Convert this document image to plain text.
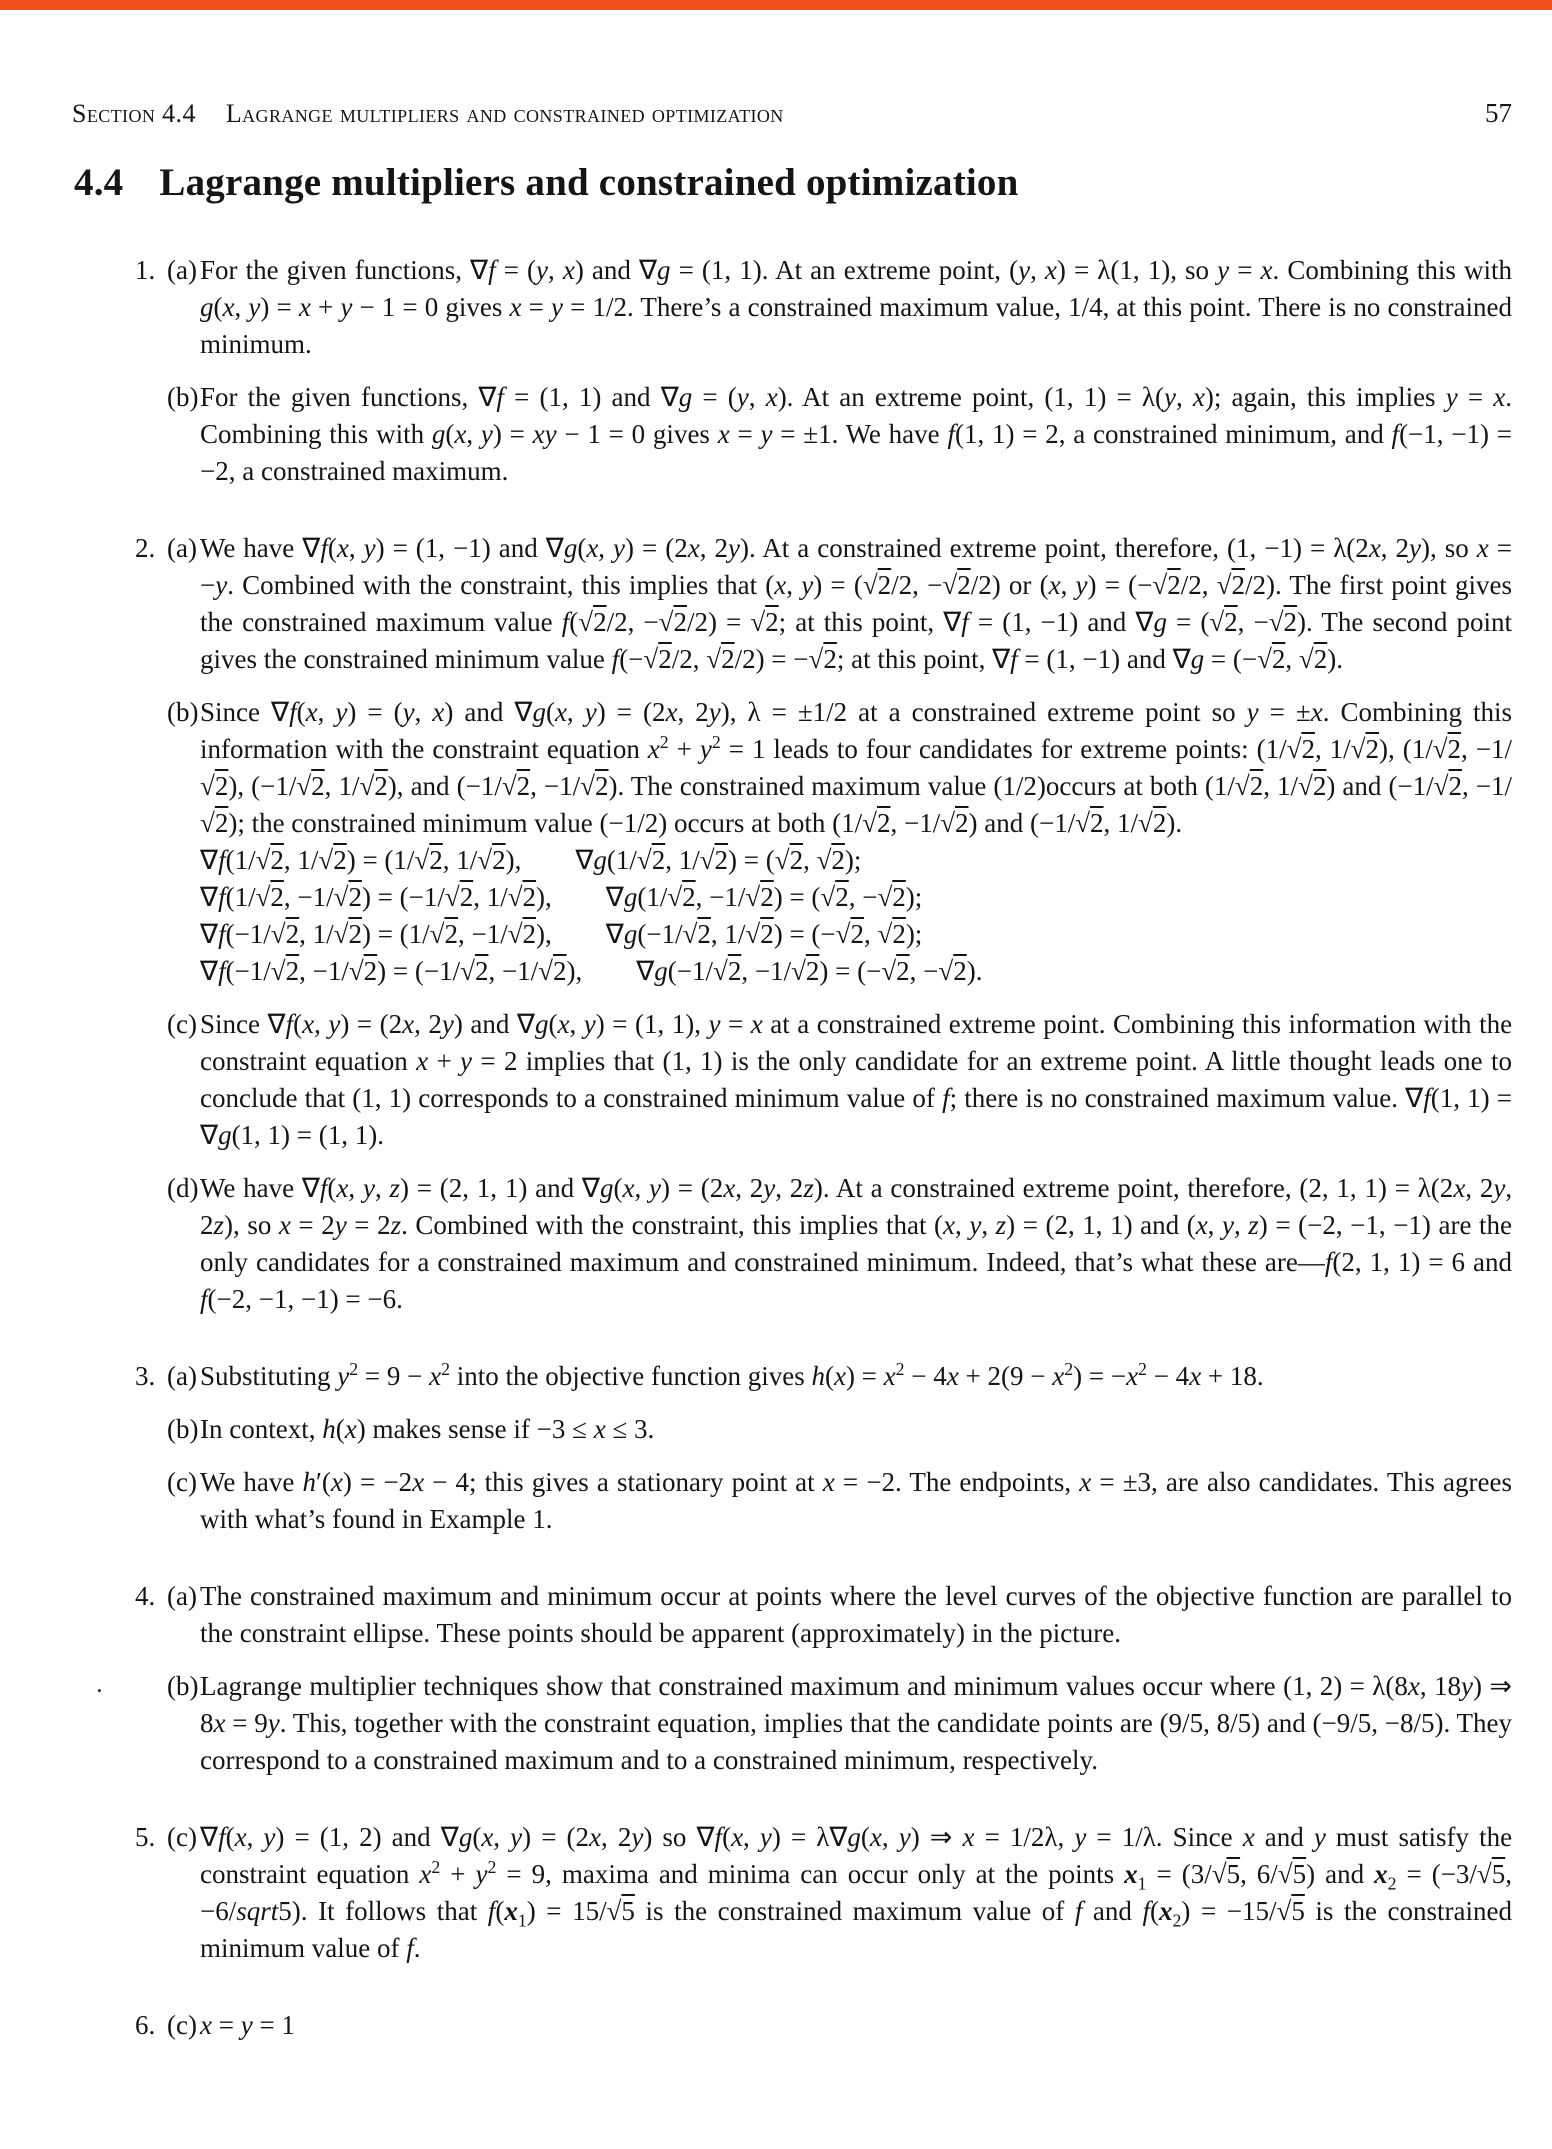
Section 4.4 Lagrange multipliers and constrained optimization	57
4.4 Lagrange multipliers and constrained optimization
1. (a) For the given functions, ∇f = (y, x) and ∇g = (1, 1). At an extreme point, (y, x) = λ(1, 1), so y = x. Combining this with g(x, y) = x + y − 1 = 0 gives x = y = 1/2. There’s a constrained maximum value, 1/4, at this point. There is no constrained minimum.
(b) For the given functions, ∇f = (1, 1) and ∇g = (y, x). At an extreme point, (1, 1) = λ(y, x); again, this implies y = x. Combining this with g(x, y) = xy − 1 = 0 gives x = y = ±1. We have f(1, 1) = 2, a constrained minimum, and f(−1, −1) = −2, a constrained maximum.
2. (a) We have ∇f(x, y) = (1, −1) and ∇g(x, y) = (2x, 2y). At a constrained extreme point, therefore, (1, −1) = λ(2x, 2y), so x = −y. Combined with the constraint, this implies that (x, y) = (√2/2, −√2/2) or (x, y) = (−√2/2, √2/2). The first point gives the constrained maximum value f(√2/2, −√2/2) = √2; at this point, ∇f = (1, −1) and ∇g = (√2, −√2). The second point gives the constrained minimum value f(−√2/2, √2/2) = −√2; at this point, ∇f = (1, −1) and ∇g = (−√2, √2).
(b) Since ∇f(x, y) = (y, x) and ∇g(x, y) = (2x, 2y), λ = ±1/2 at a constrained extreme point so y = ±x. Combining this information with the constraint equation $x^2 + y^2 = 1$ leads to four candidates for extreme points: (1/√2, 1/√2), (1/√2, −1/√2), (−1/√2, 1/√2), and (−1/√2, −1/√2). The constrained maximum value (1/2)occurs at both (1/√2, 1/√2) and (−1/√2, −1/√2); the constrained minimum value (−1/2) occurs at both (1/√2, −1/√2) and (−1/√2, 1/√2).
∇f(1/√2, 1/√2) = (1/√2, 1/√2),  ∇g(1/√2, 1/√2) = (√2, √2);
∇f(1/√2, −1/√2) = (−1/√2, 1/√2),  ∇g(1/√2, −1/√2) = (√2, −√2);
∇f(−1/√2, 1/√2) = (1/√2, −1/√2),  ∇g(−1/√2, 1/√2) = (−√2, √2);
∇f(−1/√2, −1/√2) = (−1/√2, −1/√2),  ∇g(−1/√2, −1/√2) = (−√2, −√2).
(c) Since ∇f(x, y) = (2x, 2y) and ∇g(x, y) = (1, 1), y = x at a constrained extreme point. Combining this information with the constraint equation x + y = 2 implies that (1, 1) is the only candidate for an extreme point. A little thought leads one to conclude that (1, 1) corresponds to a constrained minimum value of f; there is no constrained maximum value. ∇f(1, 1) = ∇g(1, 1) = (1, 1).
(d) We have ∇f(x, y, z) = (2, 1, 1) and ∇g(x, y) = (2x, 2y, 2z). At a constrained extreme point, therefore, (2, 1, 1) = λ(2x, 2y, 2z), so x = 2y = 2z. Combined with the constraint, this implies that (x, y, z) = (2, 1, 1) and (x, y, z) = (−2, −1, −1) are the only candidates for a constrained maximum and constrained minimum. Indeed, that’s what these are—f(2, 1, 1) = 6 and f(−2, −1, −1) = −6.
3. (a) Substituting $y^2 = 9 - x^2$ into the objective function gives $h(x) = x^2 - 4x + 2(9 - x^2) = -x^2 - 4x + 18$.
(b) In context, h(x) makes sense if −3 ≤ x ≤ 3.
(c) We have h′(x) = −2x − 4; this gives a stationary point at x = −2. The endpoints, x = ±3, are also candidates. This agrees with what’s found in Example 1.
4. (a) The constrained maximum and minimum occur at points where the level curves of the objective function are parallel to the constraint ellipse. These points should be apparent (approximately) in the picture.
(b) Lagrange multiplier techniques show that constrained maximum and minimum values occur where (1, 2) = λ(8x, 18y) ⇒ 8x = 9y. This, together with the constraint equation, implies that the candidate points are (9/5, 8/5) and (−9/5, −8/5). They correspond to a constrained maximum and to a constrained minimum, respectively.
5. (c) ∇f(x, y) = (1, 2) and ∇g(x, y) = (2x, 2y) so ∇f(x, y) = λ∇g(x, y) ⇒ x = 1/2λ, y = 1/λ. Since x and y must satisfy the constraint equation $x^2 + y^2 = 9$, maxima and minima can occur only at the points $x_1 = (3/√5$, 6/√5) and $x_2 = (-3/√5$, −6/sqrt5). It follows that $f(x_1) = 15/√5$ is the constrained maximum value of f and $f(x_2) = -15/√5$ is the constrained minimum value of f.
6. (c) x = y = 1
.
